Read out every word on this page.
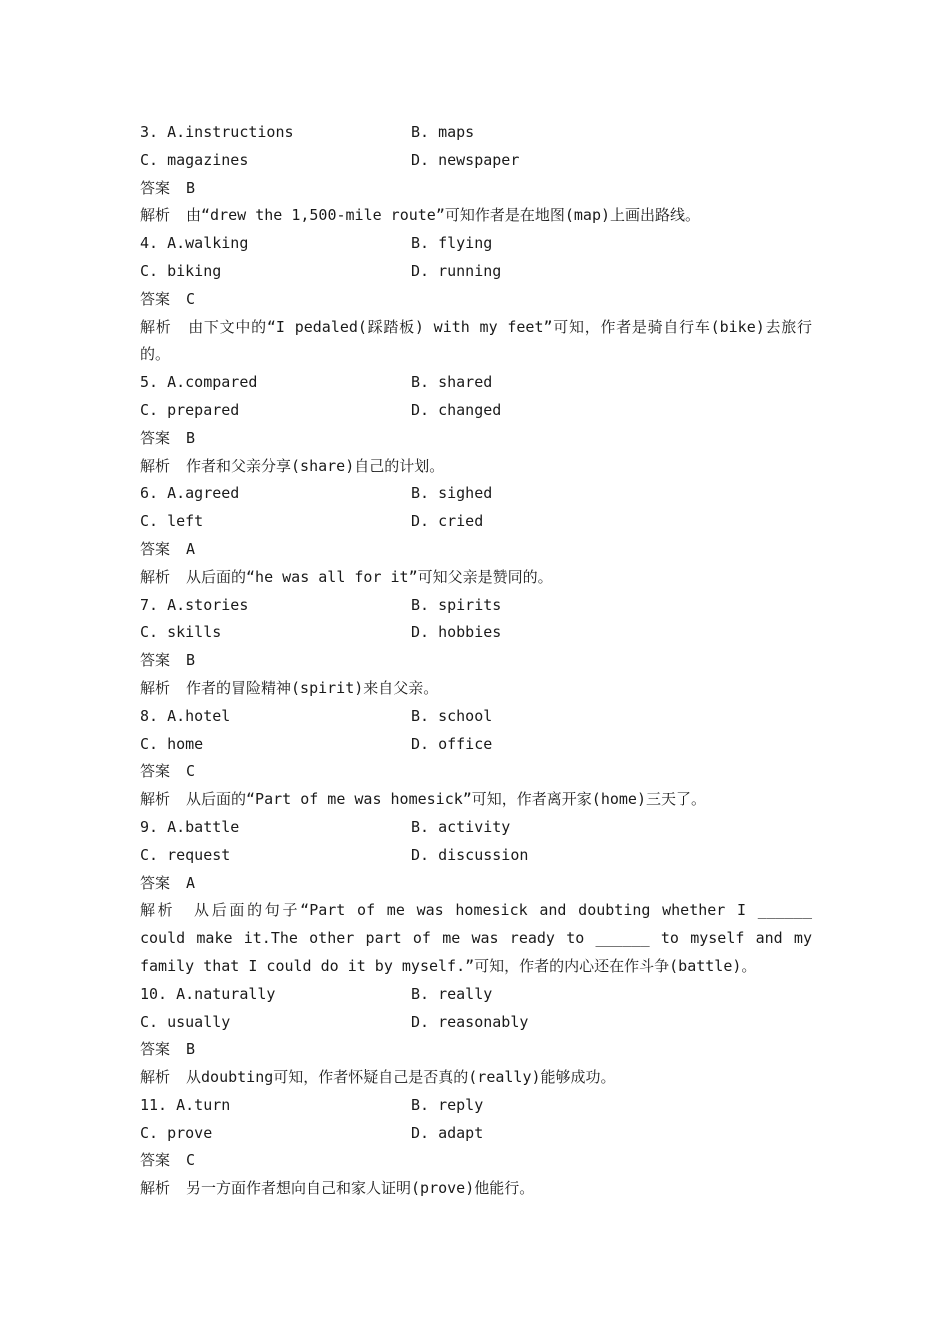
3. A.instructions	B. maps
C. magazines	D. newspaper
答案 B
解析 由“drew the 1,500-mile route”可知作者是在地图(map)上画出路线。
4. A.walking	B. flying
C. biking	D. running
答案 C
解析 由下文中的“I pedaled(踩踏板) with my feet”可知，作者是骑自行车(bike)去旅行的。
5. A.compared	B. shared
C. prepared	D. changed
答案 B
解析 作者和父亲分享(share)自己的计划。
6. A.agreed	B. sighed
C. left	D. cried
答案 A
解析 从后面的“he was all for it”可知父亲是赞同的。
7. A.stories	B. spirits
C. skills	D. hobbies
答案 B
解析 作者的冒险精神(spirit)来自父亲。
8. A.hotel	B. school
C. home	D. office
答案 C
解析 从后面的“Part of me was homesick”可知，作者离开家(home)三天了。
9. A.battle	B. activity
C. request	D. discussion
答案 A
解析 从后面的句子“Part of me was homesick and doubting whether I ______ could make it.The other part of me was ready to ______ to myself and my family that I could do it by myself.”可知，作者的内心还在作斗争(battle)。
10. A.naturally	B. really
C. usually	D. reasonably
答案 B
解析 从doubting可知，作者怀疑自己是否真的(really)能够成功。
11. A.turn	B. reply
C. prove	D. adapt
答案 C
解析 另一方面作者想向自己和家人证明(prove)他能行。
